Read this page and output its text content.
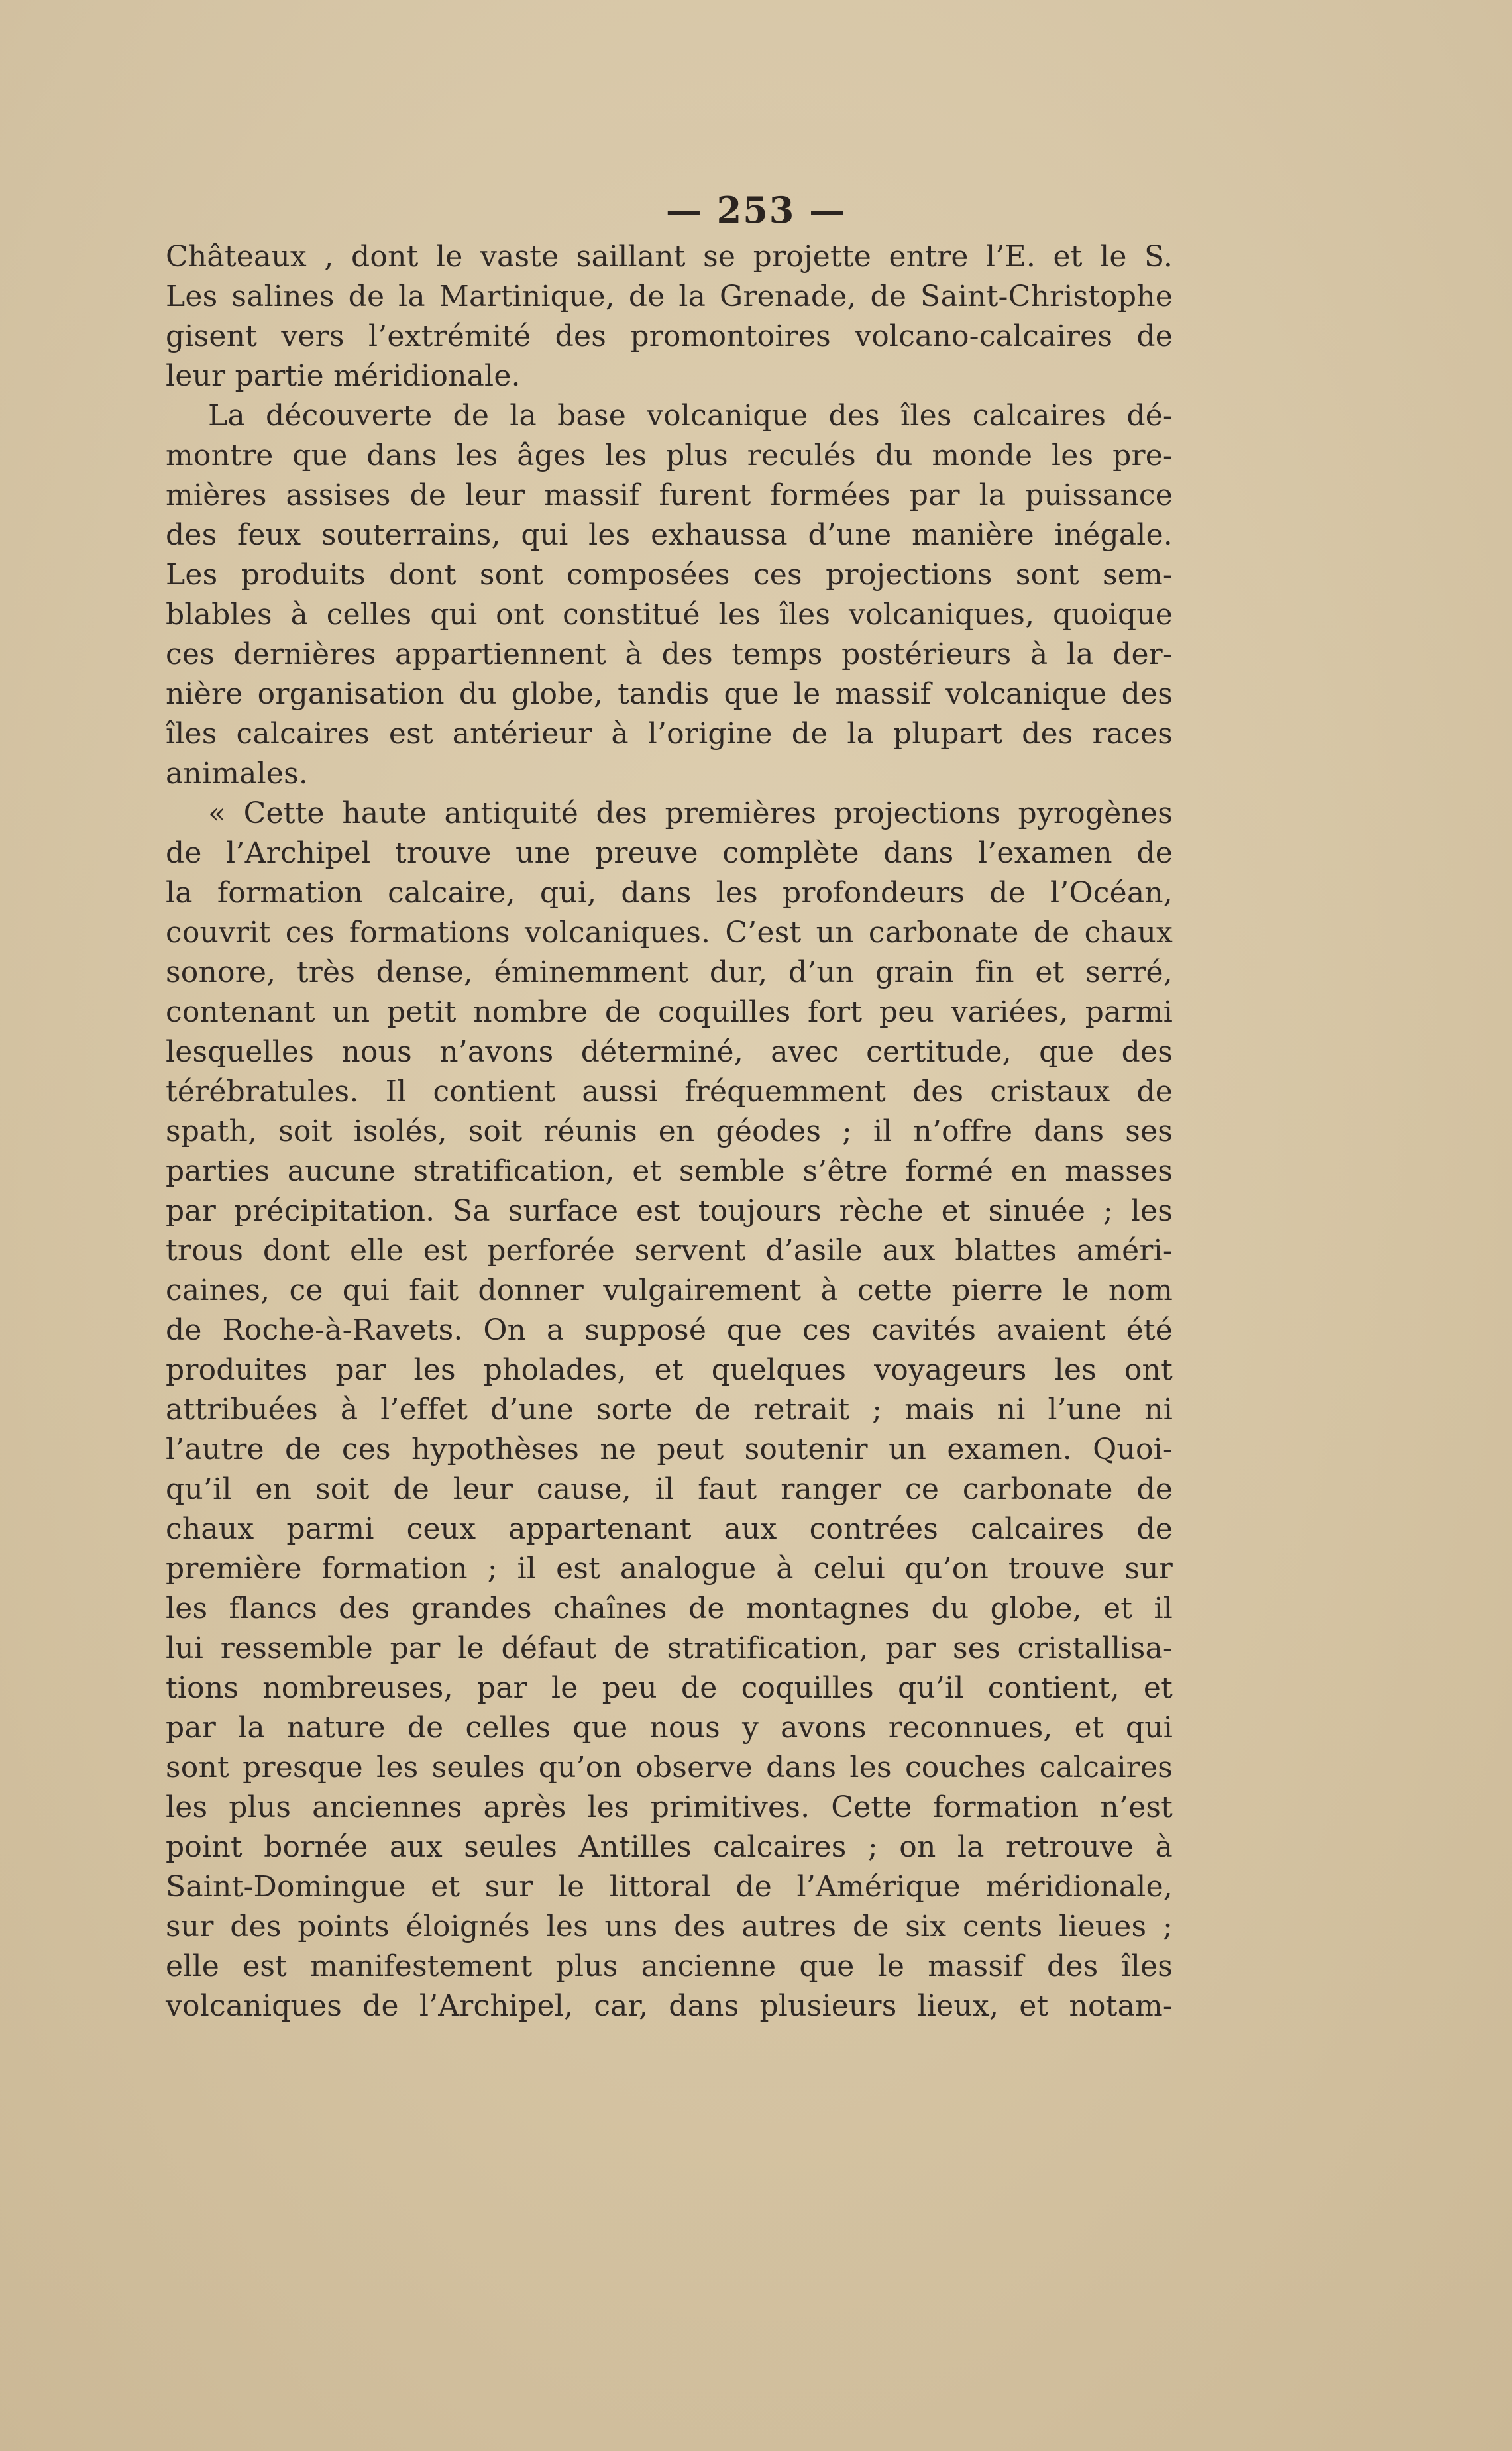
— 253 —
Châteaux , dont le vaste saillant se projette entre l’E. et le S.
Les salines de la Martinique, de la Grenade, de Saint-Christophe
gisent vers l’extrémité des promontoires volcano-calcaires de
leur partie méridionale.
La découverte de la base volcanique des îles calcaires dé-
montre que dans les âges les plus reculés du monde les pre-
mières assises de leur massif furent formées par la puissance
des feux souterrains, qui les exhaussa d’une manière inégale.
Les produits dont sont composées ces projections sont sem-
blables à celles qui ont constitué les îles volcaniques, quoique
ces dernières appartiennent à des temps postérieurs à la der-
nière organisation du globe, tandis que le massif volcanique des
îles calcaires est antérieur à l’origine de la plupart des races
animales.
« Cette haute antiquité des premières projections pyrogènes
de l’Archipel trouve une preuve complète dans l’examen de
la formation calcaire, qui, dans les profondeurs de l’Océan,
couvrit ces formations volcaniques. C’est un carbonate de chaux
sonore, très dense, éminemment dur, d’un grain fin et serré,
contenant un petit nombre de coquilles fort peu variées, parmi
lesquelles nous n’avons déterminé, avec certitude, que des
térébratules. Il contient aussi fréquemment des cristaux de
spath, soit isolés, soit réunis en géodes ; il n’offre dans ses
parties aucune stratification, et semble s’être formé en masses
par précipitation. Sa surface est toujours rèche et sinuée ; les
trous dont elle est perforée servent d’asile aux blattes améri-
caines, ce qui fait donner vulgairement à cette pierre le nom
de Roche-à-Ravets. On a supposé que ces cavités avaient été
produites par les pholades, et quelques voyageurs les ont
attribuées à l’effet d’une sorte de retrait ; mais ni l’une ni
l’autre de ces hypothèses ne peut soutenir un examen. Quoi-
qu’il en soit de leur cause, il faut ranger ce carbonate de
chaux parmi ceux appartenant aux contrées calcaires de
première formation ; il est analogue à celui qu’on trouve sur
les flancs des grandes chaînes de montagnes du globe, et il
lui ressemble par le défaut de stratification, par ses cristallisa-
tions nombreuses, par le peu de coquilles qu’il contient, et
par la nature de celles que nous y avons reconnues, et qui
sont presque les seules qu’on observe dans les couches calcaires
les plus anciennes après les primitives. Cette formation n’est
point bornée aux seules Antilles calcaires ; on la retrouve à
Saint-Domingue et sur le littoral de l’Amérique méridionale,
sur des points éloignés les uns des autres de six cents lieues ;
elle est manifestement plus ancienne que le massif des îles
volcaniques de l’Archipel, car, dans plusieurs lieux, et notam-
